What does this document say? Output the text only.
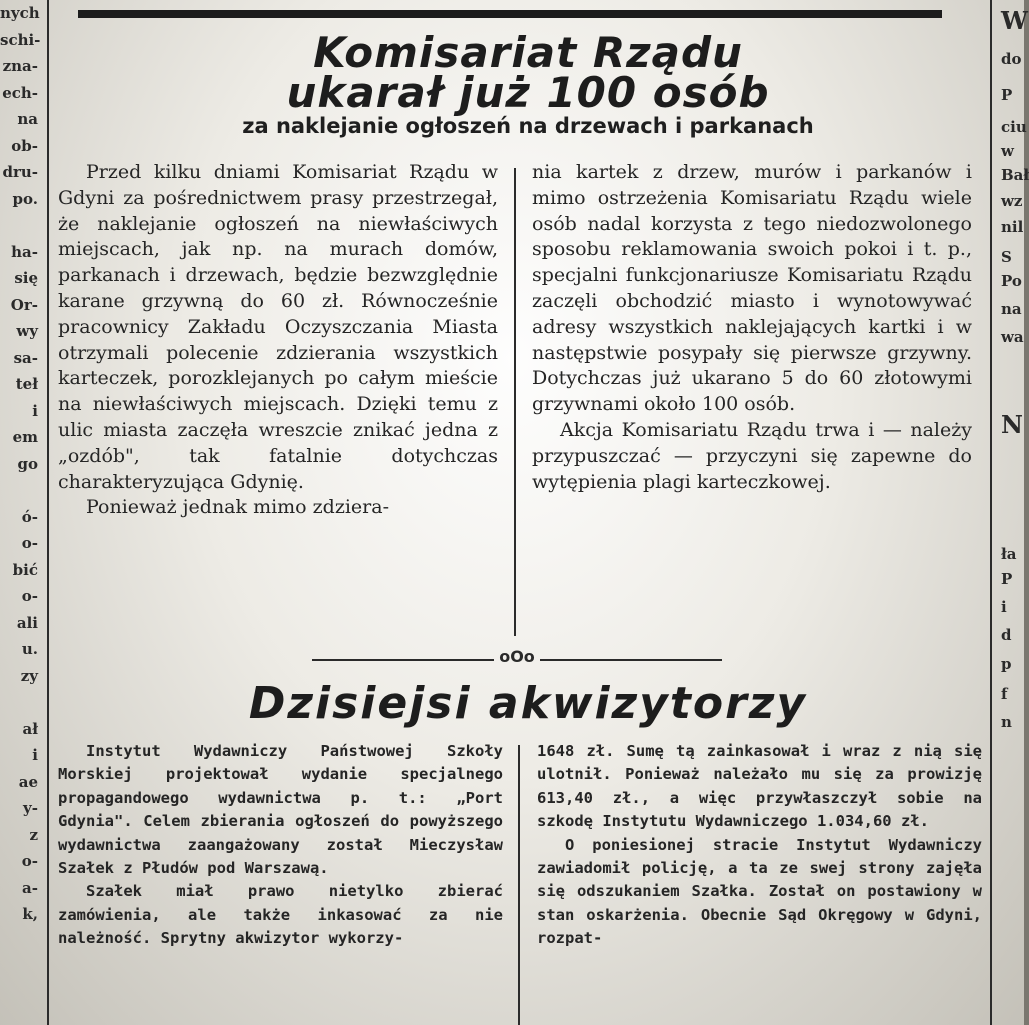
nych
schi-
zna-
ech-
na
ob-
dru-
po.

ha-
się
Or-
wy
sa-
teł
i
em
go

ó-
o-
bić
o-
ali
u.
zy

ał
i
ae
y-
z
o-
a-
k,
W
do
P
ciu
w
Bał
wz
nil
S
Po
na
wa
N
ła
P
i
d
p
f
n
Komisariat Rządu
ukarał już 100 osób
za naklejanie ogłoszeń na drzewach i parkanach

Przed kilku dniami Komisariat Rządu w Gdyni za pośrednictwem prasy przestrzegał, że naklejanie ogłoszeń na niewłaściwych miejscach, jak np. na murach domów, parkanach i drzewach, będzie bezwzględnie karane grzywną do 60 zł. Równocześnie pracownicy Zakładu Oczyszczania Miasta otrzymali polecenie zdzierania wszystkich karteczek, porozklejanych po całym mieście na niewłaściwych miejscach. Dzięki temu z ulic miasta zaczęła wreszcie znikać jedna z „ozdób", tak fatalnie dotychczas charakteryzująca Gdynię.

Ponieważ jednak mimo zdziera-

nia kartek z drzew, murów i parkanów i mimo ostrzeżenia Komisariatu Rządu wiele osób nadal korzysta z tego niedozwolonego sposobu reklamowania swoich pokoi i t. p., specjalni funkcjonariusze Komisariatu Rządu zaczęli obchodzić miasto i wynotowywać adresy wszystkich naklejających kartki i w następstwie posypały się pierwsze grzywny. Dotychczas już ukarano 5 do 60 złotowymi grzywnami około 100 osób.

Akcja Komisariatu Rządu trwa i — należy przypuszczać — przyczyni się zapewne do wytępienia plagi karteczkowej.

oOo
Dzisiejsi akwizytorzy

Instytut Wydawniczy Państwowej Szkoły Morskiej projektował wydanie specjalnego propagandowego wydawnictwa p. t.: „Port Gdynia". Celem zbierania ogłoszeń do powyższego wydawnictwa zaangażowany został Mieczysław Szałek z Płudów pod Warszawą.

Szałek miał prawo nietylko zbierać zamówienia, ale także inkasować za nie należność. Sprytny akwizytor wykorzy-

1648 zł. Sumę tą zainkasował i wraz z nią się ulotnił. Ponieważ należało mu się za prowizję 613,40 zł., a więc przywłaszczył sobie na szkodę Instytutu Wydawniczego 1.034,60 zł.

O poniesionej stracie Instytut Wydawniczy zawiadomił policję, a ta ze swej strony zajęła się odszukaniem Szałka. Został on postawiony w stan oskarżenia. Obecnie Sąd Okręgowy w Gdyni, rozpat-
